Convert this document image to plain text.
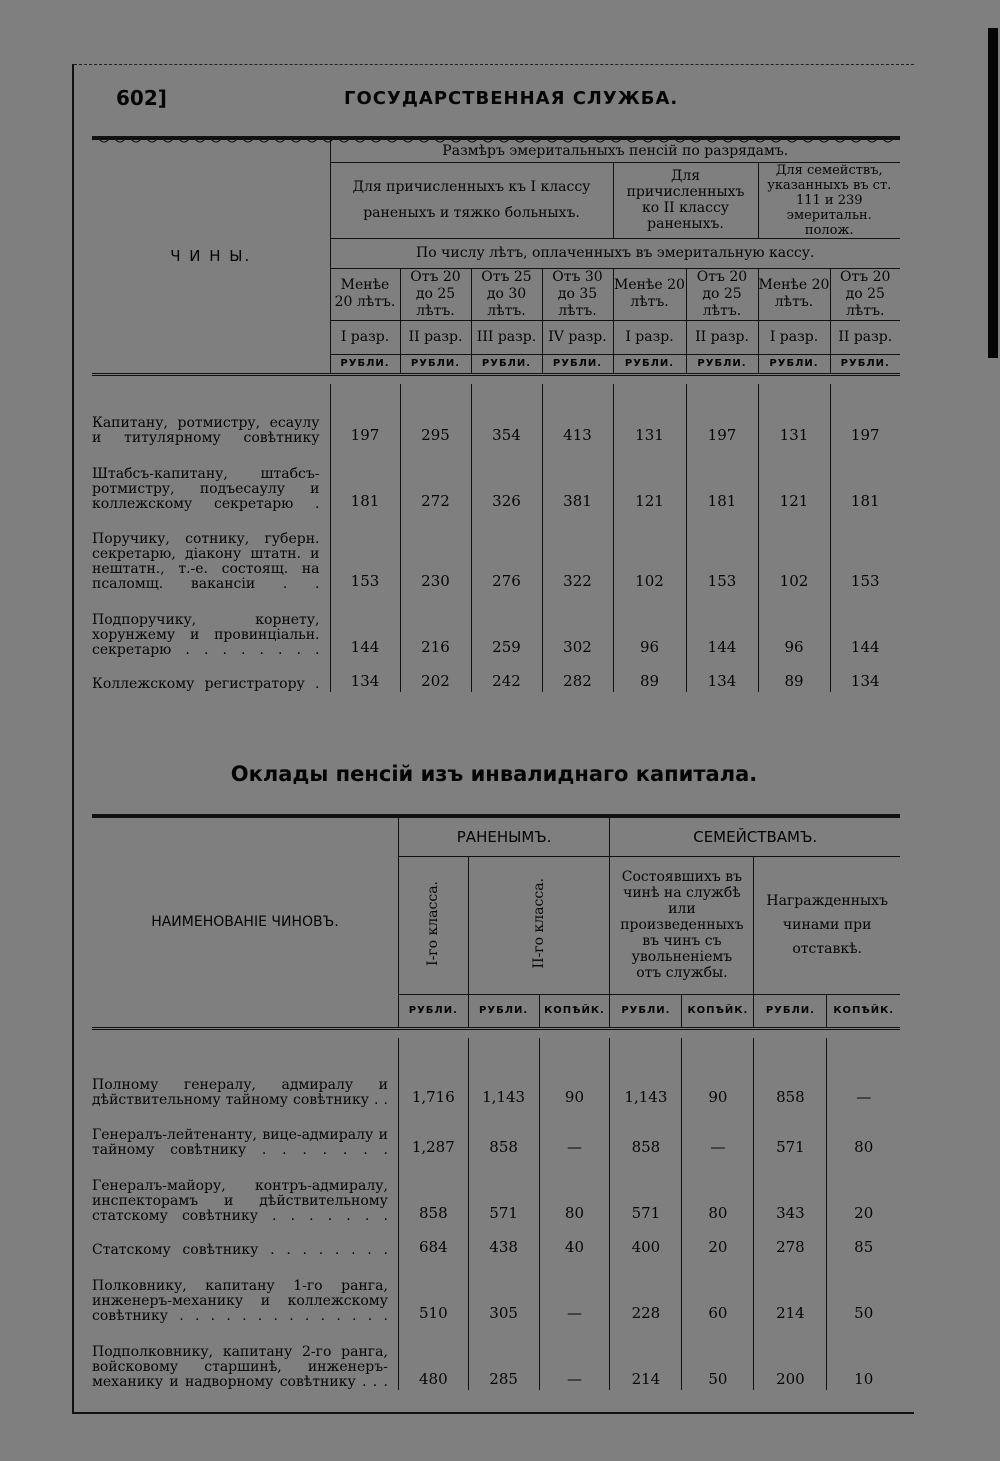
602]	ГОСУДАРСТВЕННАЯ СЛУЖБА.
Ч И Н Ы.	Размѣръ эмеритальныхъ пенсій по разрядамъ.							
	Для причисленныхъ къ I классу раненыхъ и тяжко больныхъ.				Для причисленныхъ ко II классу раненыхъ.		Для семействъ, указанныхъ въ ст. 111 и 239 эмеритальн. полож.	
	По числу лѣтъ, оплаченныхъ въ эмеритальную кассу.							
	Менѣе 20 лѣтъ.	Отъ 20 до 25 лѣтъ.	Отъ 25 до 30 лѣтъ.	Отъ 30 до 35 лѣтъ.	Менѣе 20 лѣтъ.	Отъ 20 до 25 лѣтъ.	Менѣе 20 лѣтъ.	Отъ 20 до 25 лѣтъ.
	I разр.	II разр.	III разр.	IV разр.	I разр.	II разр.	I разр.	II разр.
	РУБЛИ.	РУБЛИ.	РУБЛИ.	РУБЛИ.	РУБЛИ.	РУБЛИ.	РУБЛИ.	РУБЛИ.

Капитану, ротмистру, есаулу и титулярному совѣтнику	197	295	354	413	131	197	131	197
Штабсъ-капитану, штабсъ-ротмистру, подъесаулу и коллежскому секретарю .	181	272	326	381	121	181	121	181
Поручику, сотнику, губерн. секретарю, діакону штатн. и нештатн., т.-е. состоящ. на псаломщ. вакансіи . .	153	230	276	322	102	153	102	153
Подпоручику, корнету, хорунжему и провинціальн. секретарю . . . . . . . .	144	216	259	302	96	144	96	144
Коллежскому регистратору .	134	202	242	282	89	134	89	134
Оклады пенсій изъ инвалиднаго капитала.
НАИМЕНОВАНІЕ ЧИНОВЪ.	РАНЕНЫМЪ.			СЕМЕЙСТВАМЪ.			
	I-го класса.	II-го класса.		Состоявшихъ въ чинѣ на службѣ или произведенныхъ въ чинъ съ увольненіемъ отъ службы.		Награжденныхъ чинами при отставкѣ.	
	РУБЛИ.	РУБЛИ.	КОПѢЙК.	РУБЛИ.	КОПѢЙК.	РУБЛИ.	КОПѢЙК.

Полному генералу, адмиралу и дѣйствительному тайному совѣтнику . .	1,716	1,143	90	1,143	90	858	—
Генералъ-лейтенанту, вице-адмиралу и тайному совѣтнику . . . . . . .	1,287	858	—	858	—	571	80
Генералъ-майору, контръ-адмиралу, инспекторамъ и дѣйствительному статскому совѣтнику . . . . . . .	858	571	80	571	80	343	20
Статскому совѣтнику . . . . . . . .	684	438	40	400	20	278	85
Полковнику, капитану 1-го ранга, инженеръ-механику и коллежскому совѣтнику . . . . . . . . . . . . . .	510	305	—	228	60	214	50
Подполковнику, капитану 2-го ранга, войсковому старшинѣ, инженеръ-механику и надворному совѣтнику . . .	480	285	—	214	50	200	10
